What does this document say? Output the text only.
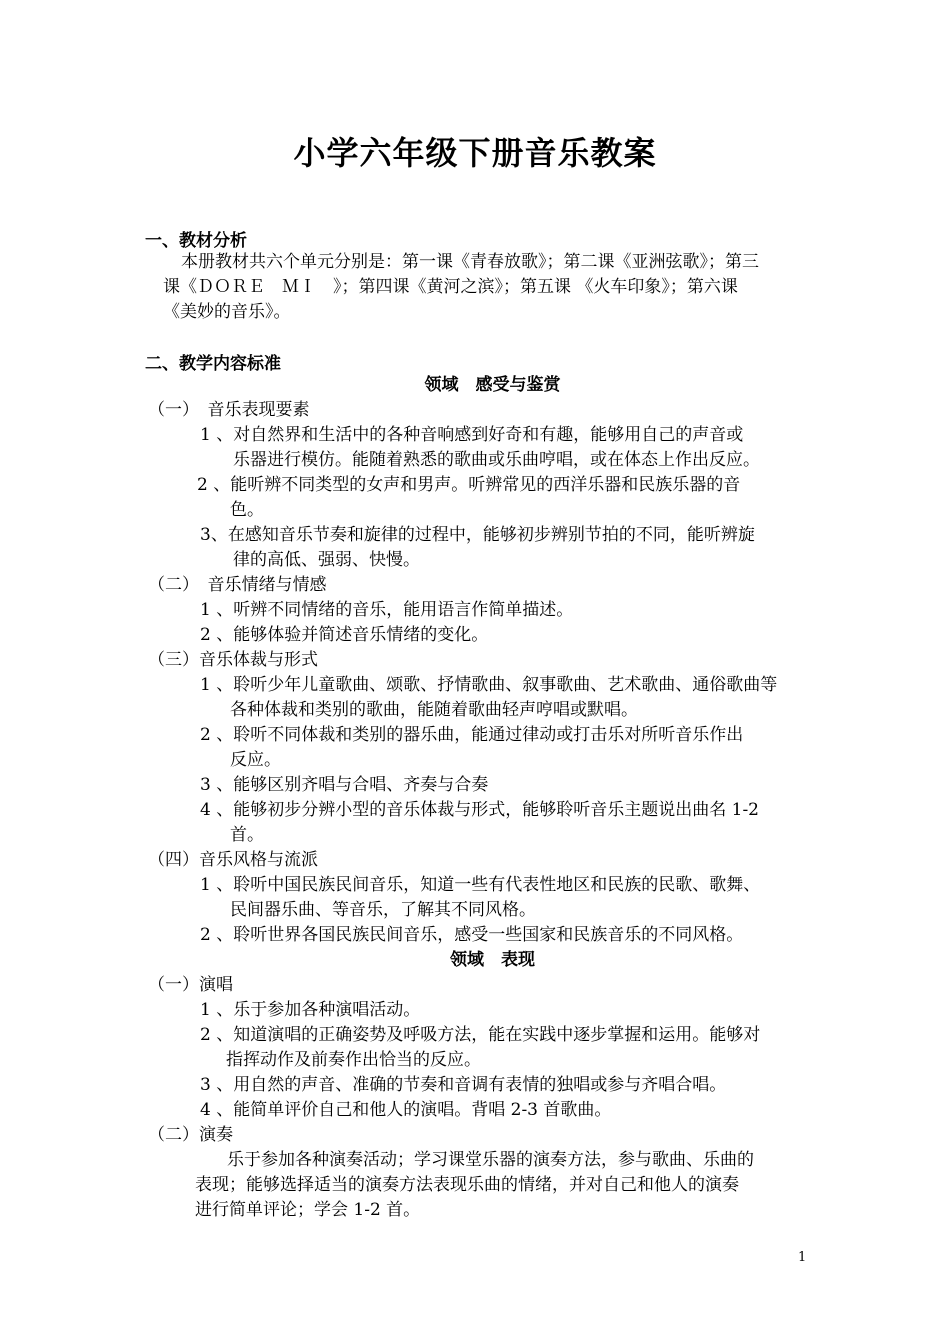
小学六年级下册音乐教案
一、教材分析
本册教材共六个单元分别是：第一课《青春放歌》；第二课《亚洲弦歌》；第三
课《ＤＯＲＥ　ＭＩ　》；第四课《黄河之滨》；第五课 《火车印象》；第六课
《美妙的音乐》。
二、教学内容标准
领域　感受与鉴赏
（一）　音乐表现要素
1 、对自然界和生活中的各种音响感到好奇和有趣，能够用自己的声音或
乐器进行模仿。能随着熟悉的歌曲或乐曲哼唱，或在体态上作出反应。
2 、能听辨不同类型的女声和男声。听辨常见的西洋乐器和民族乐器的音
色。
3、在感知音乐节奏和旋律的过程中，能够初步辨别节拍的不同，能听辨旋
律的高低、强弱、快慢。
（二）　音乐情绪与情感
1 、听辨不同情绪的音乐，能用语言作简单描述。
2 、能够体验并简述音乐情绪的变化。
（三）音乐体裁与形式
1 、聆听少年儿童歌曲、颂歌、抒情歌曲、叙事歌曲、艺术歌曲、通俗歌曲等
各种体裁和类别的歌曲，能随着歌曲轻声哼唱或默唱。
2 、聆听不同体裁和类别的器乐曲，能通过律动或打击乐对所听音乐作出
反应。
3 、能够区别齐唱与合唱、齐奏与合奏
4 、能够初步分辨小型的音乐体裁与形式，能够聆听音乐主题说出曲名 1-2
首。
（四）音乐风格与流派
1 、聆听中国民族民间音乐，知道一些有代表性地区和民族的民歌、歌舞、
民间器乐曲、等音乐，了解其不同风格。
2 、聆听世界各国民族民间音乐，感受一些国家和民族音乐的不同风格。
领域　表现
（一）演唱
1 、乐于参加各种演唱活动。
2 、知道演唱的正确姿势及呼吸方法，能在实践中逐步掌握和运用。能够对
指挥动作及前奏作出恰当的反应。
3 、用自然的声音、准确的节奏和音调有表情的独唱或参与齐唱合唱。
4 、能简单评价自己和他人的演唱。背唱 2-3 首歌曲。
（二）演奏
乐于参加各种演奏活动；学习课堂乐器的演奏方法，参与歌曲、乐曲的
表现；能够选择适当的演奏方法表现乐曲的情绪，并对自己和他人的演奏
进行简单评论；学会 1-2 首。
1
